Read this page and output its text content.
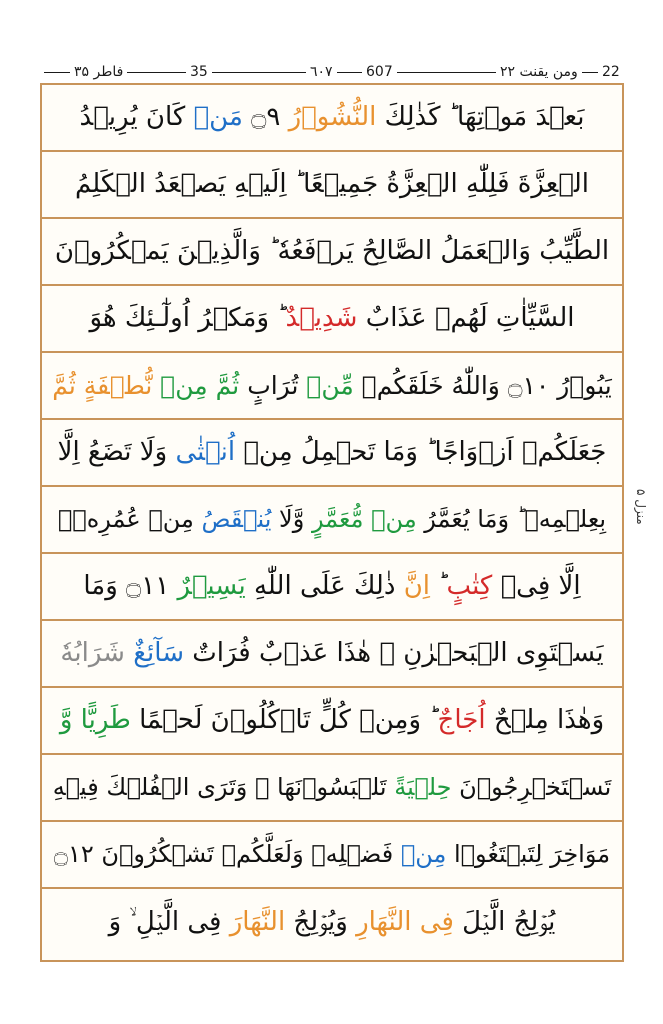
فاطر ۳۵	35	٦٠٧ 607	ومن يقنت ۲۲ 22
بَعۡدَ مَوۡتِهَا ؕ كَذٰلِكَ النُّشُوۡرُ ۝۹ مَنۡ كَانَ يُرِيۡدُ
الۡعِزَّةَ فَلِلّٰهِ الۡعِزَّةُ جَمِيۡعًا ؕ اِلَيۡهِ يَصۡعَدُ الۡكَلِمُ
الطَّيِّبُ وَالۡعَمَلُ الصَّالِحُ يَرۡفَعُهٗ ؕ وَالَّذِيۡنَ يَمۡكُرُوۡنَ
السَّيِّاٰتِ لَهُمۡ عَذَابٌ شَدِيۡدٌ ؕ وَمَكۡرُ اُولٰٓـئِكَ هُوَ
يَبُوۡرُ ۝۱۰ وَاللّٰهُ خَلَقَكُمۡ مِّنۡ تُرَابٍ ثُمَّ مِنۡ نُّطۡفَةٍ ثُمَّ
جَعَلَكُمۡ اَزۡوَاجًا ؕ وَمَا تَحۡمِلُ مِنۡ اُنۡثٰى وَلَا تَضَعُ اِلَّا
بِعِلۡمِهٖ ؕ وَمَا يُعَمَّرُ مِنۡ مُّعَمَّرٍ وَّلَا يُنۡقَصُ مِنۡ عُمُرِهٖۤ
اِلَّا فِىۡ كِتٰبٍ ؕ اِنَّ ذٰلِكَ عَلَى اللّٰهِ يَسِيۡرٌ ۝۱۱ وَمَا
يَسۡتَوِى الۡبَحۡرٰنِ ۖ هٰذَا عَذۡبٌ فُرَاتٌ سَآئِغٌ شَرَابُهٗ
وَهٰذَا مِلۡحٌ اُجَاجٌ ؕ وَمِنۡ كُلٍّ تَاۡكُلُوۡنَ لَحۡمًا طَرِيًّا وَّ
تَسۡتَخۡرِجُوۡنَ حِلۡيَةً تَلۡبَسُوۡنَهَا ۚ وَتَرَى الۡفُلۡكَ فِيۡهِ
مَوَاخِرَ لِتَبۡتَغُوۡا مِنۡ فَضۡلِهٖ وَلَعَلَّكُمۡ تَشۡكُرُوۡنَ ۝۱۲
يُوۡلِجُ الَّيۡلَ فِى النَّهَارِ وَيُوۡلِجُ النَّهَارَ فِى الَّيۡلِ ۙ وَ
منزل ۵
